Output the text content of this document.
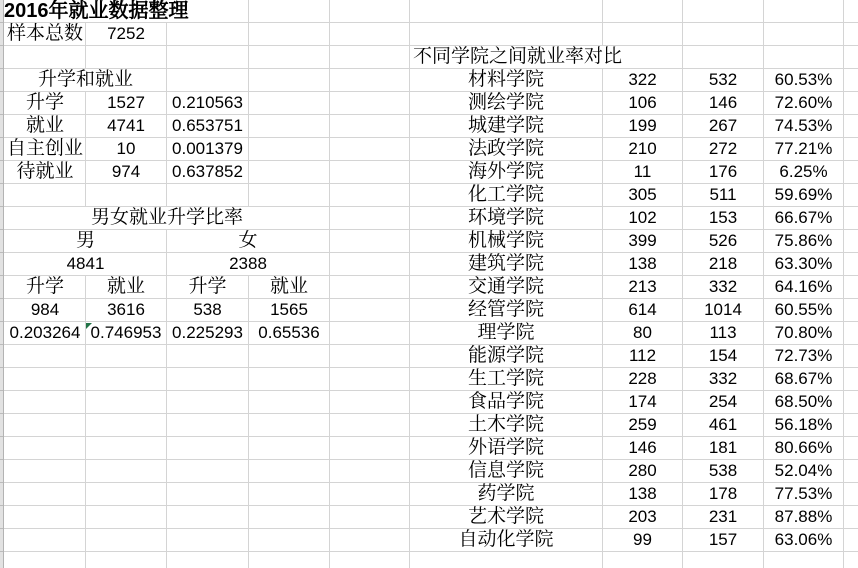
2016年就业数据整理
样本总数	7252
不同学院之间就业率对比
升学和就业
升学	1527	0.210563
就业	4741	0.653751
自主创业	10	0.001379
待就业	974	0.637852
男女就业升学比率
男	女
4841	2388
升学	就业	升学	就业
984	3616	538	1565
0.203264 0.746953 0.225293 0.65536
材料学院	322	532	60.53%
测绘学院	106	146	72.60%
城建学院	199	267	74.53%
法政学院	210	272	77.21%
海外学院	11	176	6.25%
化工学院	305	511	59.69%
环境学院	102	153	66.67%
机械学院	399	526	75.86%
建筑学院	138	218	63.30%
交通学院	213	332	64.16%
经管学院	614	1014	60.55%
理学院	80	113	70.80%
能源学院	112	154	72.73%
生工学院	228	332	68.67%
食品学院	174	254	68.50%
土木学院	259	461	56.18%
外语学院	146	181	80.66%
信息学院	280	538	52.04%
药学院	138	178	77.53%
艺术学院	203	231	87.88%
自动化学院	99	157	63.06%
